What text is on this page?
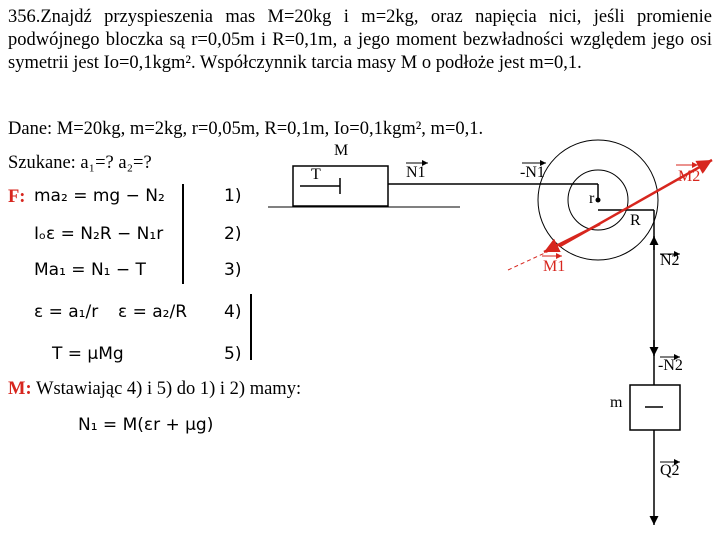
356.Znajdź przyspieszenia mas M=20kg i m=2kg, oraz napięcia nici, jeśli promienie podwójnego bloczka są r=0,05m i R=0,1m, a jego moment bezwładności względem jego osi symetrii jest Io=0,1kgm². Współczynnik tarcia masy M o podłoże jest m=0,1.
Dane: M=20kg, m=2kg, r=0,05m, R=0,1m, Io=0,1kgm², m=0,1.
Szukane: a₁=? a₂=?
F: ma₂ = mg − N₂	1)
Iₒε = N₂R − N₁r	2)
Ma₁ = N₁ − T	3)
ε = a₁/r ε = a₂/R 4)
T = μMg	5)
M: Wstawiając 4) i 5) do 1) i 2) mamy:
N₁ = M(εr + μg)
M
T	N1	-N1	M2
r
R
M1	N2
-N2
m
Q2
